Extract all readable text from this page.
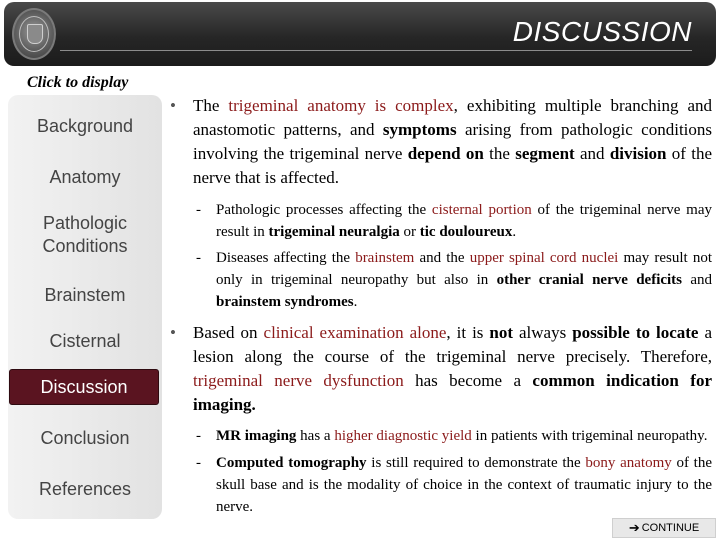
DISCUSSION
Click to display
Background
Anatomy
Pathologic
Conditions
Brainstem
Cisternal
Discussion
Conclusion
References
• The trigeminal anatomy is complex, exhibiting multiple branching and anastomotic patterns, and symptoms arising from pathologic conditions involving the trigeminal nerve depend on the segment and division of the nerve that is affected.
- Pathologic processes affecting the cisternal portion of the trigeminal nerve may result in trigeminal neuralgia or tic douloureux.
- Diseases affecting the brainstem and the upper spinal cord nuclei may result not only in trigeminal neuropathy but also in other cranial nerve deficits and brainstem syndromes.
• Based on clinical examination alone, it is not always possible to locate a lesion along the course of the trigeminal nerve precisely. Therefore, trigeminal nerve dysfunction has become a common indication for imaging.
- MR imaging has a higher diagnostic yield in patients with trigeminal neuropathy.
- Computed tomography is still required to demonstrate the bony anatomy of the skull base and is the modality of choice in the context of traumatic injury to the nerve.
➔ CONTINUE
